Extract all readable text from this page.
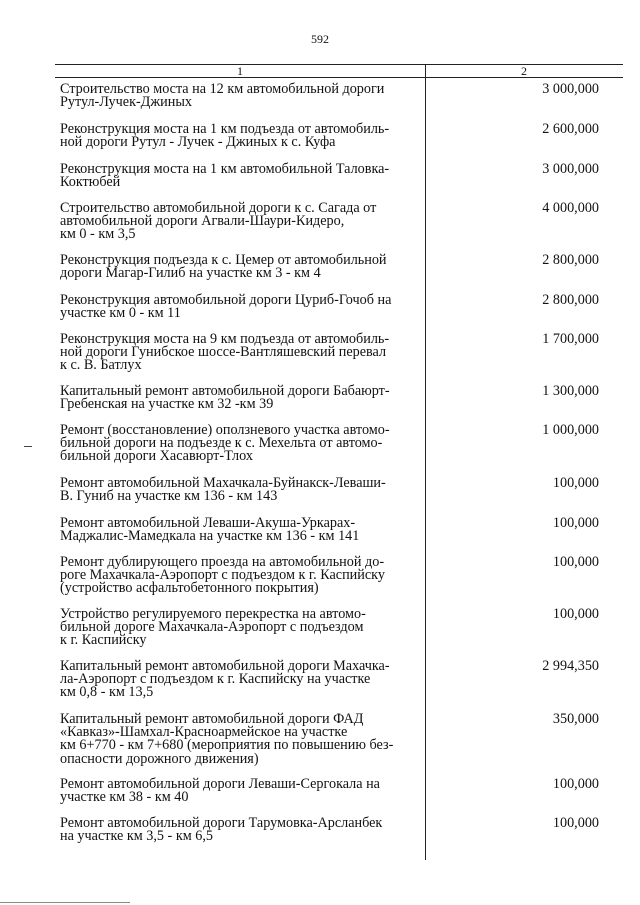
592
1	2
Строительство моста на 12 км автомобильной дороги
Рутул-Лучек-Джиных
3 000,000
Реконструкция моста на 1 км подъезда от автомобиль-
ной дороги Рутул - Лучек - Джиных к с. Куфа
2 600,000
Реконструкция моста на 1 км автомобильной Таловка-
Коктюбей
3 000,000
Строительство автомобильной дороги к с. Сагада от
автомобильной дороги Агвали-Шаури-Кидеро,
км 0 - км 3,5
4 000,000
Реконструкция подъезда к с. Цемер от автомобильной
дороги Магар-Гилиб на участке км 3 - км 4
2 800,000
Реконструкция автомобильной дороги Цуриб-Гочоб на
участке км 0 - км 11
2 800,000
Реконструкция моста на 9 км подъезда от автомобиль-
ной дороги Гунибское шоссе-Вантляшевский перевал
к с. В. Батлух
1 700,000
Капитальный ремонт автомобильной дороги Бабаюрт-
Гребенская на участке км 32 -км 39
1 300,000
Ремонт (восстановление) оползневого участка автомо-
бильной дороги на подъезде к с. Мехельта от автомо-
бильной дороги Хасавюрт-Тлох
1 000,000
Ремонт автомобильной Махачкала-Буйнакск-Леваши-
В. Гуниб на участке км 136 - км 143
100,000
Ремонт автомобильной Леваши-Акуша-Уркарах-
Маджалис-Мамедкала на участке км 136 - км 141
100,000
Ремонт дублирующего проезда на автомобильной до-
роге Махачкала-Аэропорт с подъездом к г. Каспийску
(устройство асфальтобетонного покрытия)
100,000
Устройство регулируемого перекрестка на автомо-
бильной дороге Махачкала-Аэропорт с подъездом
к г. Каспийску
100,000
Капитальный ремонт автомобильной дороги Махачка-
ла-Аэропорт с подъездом к г. Каспийску на участке
км 0,8 - км 13,5
2 994,350
Капитальный ремонт автомобильной дороги ФАД
«Кавказ»-Шамхал-Красноармейское на участке
км 6+770 - км 7+680 (мероприятия по повышению без-
опасности дорожного движения)
350,000
Ремонт автомобильной дороги Леваши-Сергокала на
участке км 38 - км 40
100,000
Ремонт автомобильной дороги Тарумовка-Арсланбек
на участке км 3,5 - км 6,5
100,000
